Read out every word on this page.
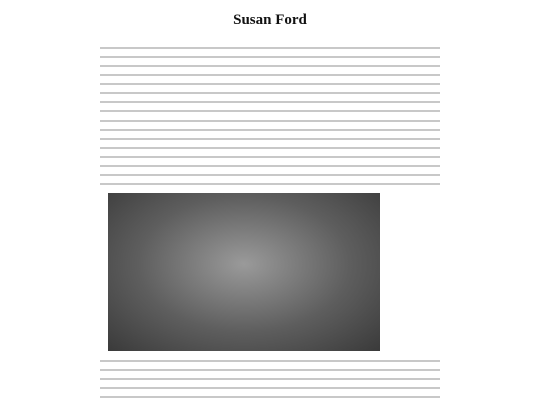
Susan Ford
